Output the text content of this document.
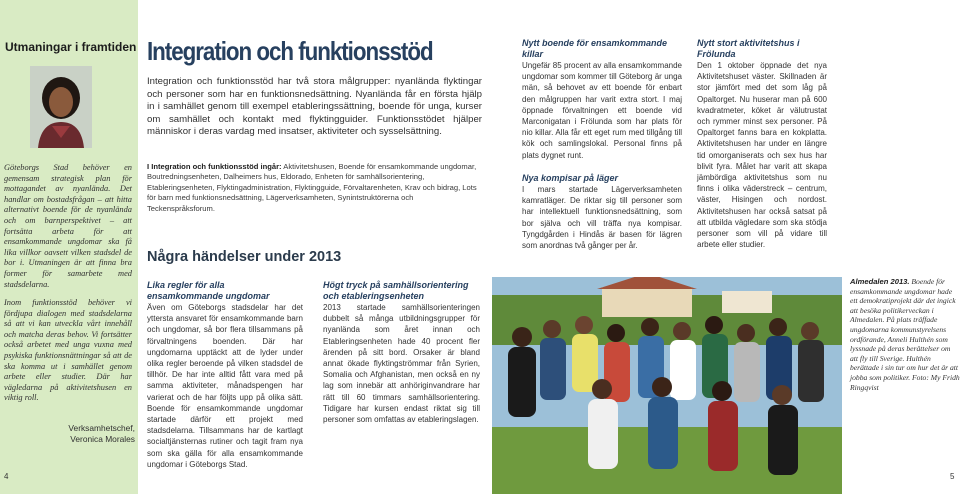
Utmaningar i framtiden

Göteborgs Stad behöver en gemensam strategisk plan för mottagandet av nyanlända. Det handlar om bostadsfrågan – att hitta alternativt boende för de nyanlända och om barnperspektivet – att fortsätta arbeta för att ensamkommande ungdomar ska få lika villkor oavsett vilken stadsdel de bor i. Utmaningen är att finna bra former för samarbete med stadsdelarna.

Inom funktionsstöd behöver vi fördjupa dialogen med stadsdelarna så att vi kan utveckla vårt innehåll och matcha deras behov. Vi fortsätter också arbetet med unga vuxna med psykiska funktionsnättningar så att de ska komma ut i samhället genom arbete eller studier. Där har vägledarna på aktivitetshusen en viktig roll.

Verksamhetschef,
Veronica Morales
4
Integration och funktionsstöd

Integration och funktionsstöd har två stora målgrupper: nyanlända flyktingar och personer som har en funktionsnedsättning. Nyanlända får en första hjälp in i samhället genom till exempel etableringssättning, boende för unga, kurser om samhället och kontakt med flyktingguider. Funktionsstödet hjälper människor i deras vardag med insatser, aktiviteter och sysselsättning.

I Integration och funktionsstöd ingår: Aktivitetshusen, Boende för ensamkommande ungdomar, Boutredningsenheten, Dalheimers hus, Eldorado, Enheten för samhällsorientering, Etableringsenheten, Flyktingadministration, Flyktingguide, Förvaltarenheten, Krav och bidrag, Lots för barn med funktionsnedsättning, Lägerverksamheten, Synintstruktörerna och Teckenspråksforum.

Några händelser under 2013
Lika regler för alla ensamkommande ungdomar

Även om Göteborgs stadsdelar har det yttersta ansvaret för ensamkommande barn och ungdomar, så bor flera tillsammans på förvaltningens boenden. Där har ungdomarna upptäckt att de lyder under olika regler beroende på vilken stadsdel de tillhör. De har inte alltid fått vara med på samma aktiviteter, månadspengen har varierat och de har följts upp på olika sätt. Boende för ensamkommande ungdomar startade därför ett projekt med stadsdelarna. Tillsammans har de kartlagt socialtjänsternas rutiner och tagit fram nya som ska gälla för alla ensamkommande ungdomar i Göteborgs Stad.

Högt tryck på samhällsorientering och etableringsenheten

2013 startade samhällsorienteringen dubbelt så många utbildningsgrupper för nyanlända som året innan och Etableringsenheten hade 40 procent fler ärenden på sitt bord. Orsaker är bland annat ökade flyktingströmmar från Syrien, Somalia och Afghanistan, men också en ny lag som innebär att anhöriginvandrare har rätt till 60 timmars samhällsorientering. Tidigare har kursen endast riktat sig till personer som omfattas av etableringslagen.

Nytt boende för ensamkommande killar

Ungefär 85 procent av alla ensamkommande ungdomar som kommer till Göteborg är unga män, så behovet av ett boende för enbart den målgruppen har varit extra stort. I maj öppnade förvaltningen ett boende vid Marconigatan i Frölunda som har plats för nio killar. Alla får ett eget rum med tillgång till kök och samlingslokal. Personal finns på plats dygnet runt.

Nya kompisar på läger

I mars startade Lägerverksamheten kamratläger. De riktar sig till personer som har intellektuell funktionsnedsättning, som bor själva och vill träffa nya kompisar. Tyngdgården i Hindås är basen för lägren som anordnas två gånger per år.

Nytt stort aktivitetshus i Frölunda

Den 1 oktober öppnade det nya Aktivitetshuset väster. Skillnaden är stor jämfört med det som låg på Opaltorget. Nu huserar man på 600 kvadratmeter, köket är välutrustat och rymmer minst sex personer. På Opaltorget fanns bara en kokplatta. Aktivitetshusen har under en längre tid omorganiserats och sex hus har blivit fyra. Målet har varit att skapa jämbördiga aktivitetshus som nu finns i olika väderstreck – centrum, väster, Hisingen och nordost. Aktivitetshusen har också satsat på att utbilda vägledare som ska stödja personer som vill på vidare till arbete eller studier.

Almedalen 2013. Boende för ensamkommande ungdomar hade ett demokratiprojekt där det ingick att besöka politikerveckan i Almedalen. På plats träffade ungdomarna kommunstyrelsens ordförande, Anneli Hulthén som lyssnade på deras berättelser om att fly till Sverige. Hulthén berättade i sin tur om hur det är att jobba som politiker. Foto: My Fridh Ringqvist

5
